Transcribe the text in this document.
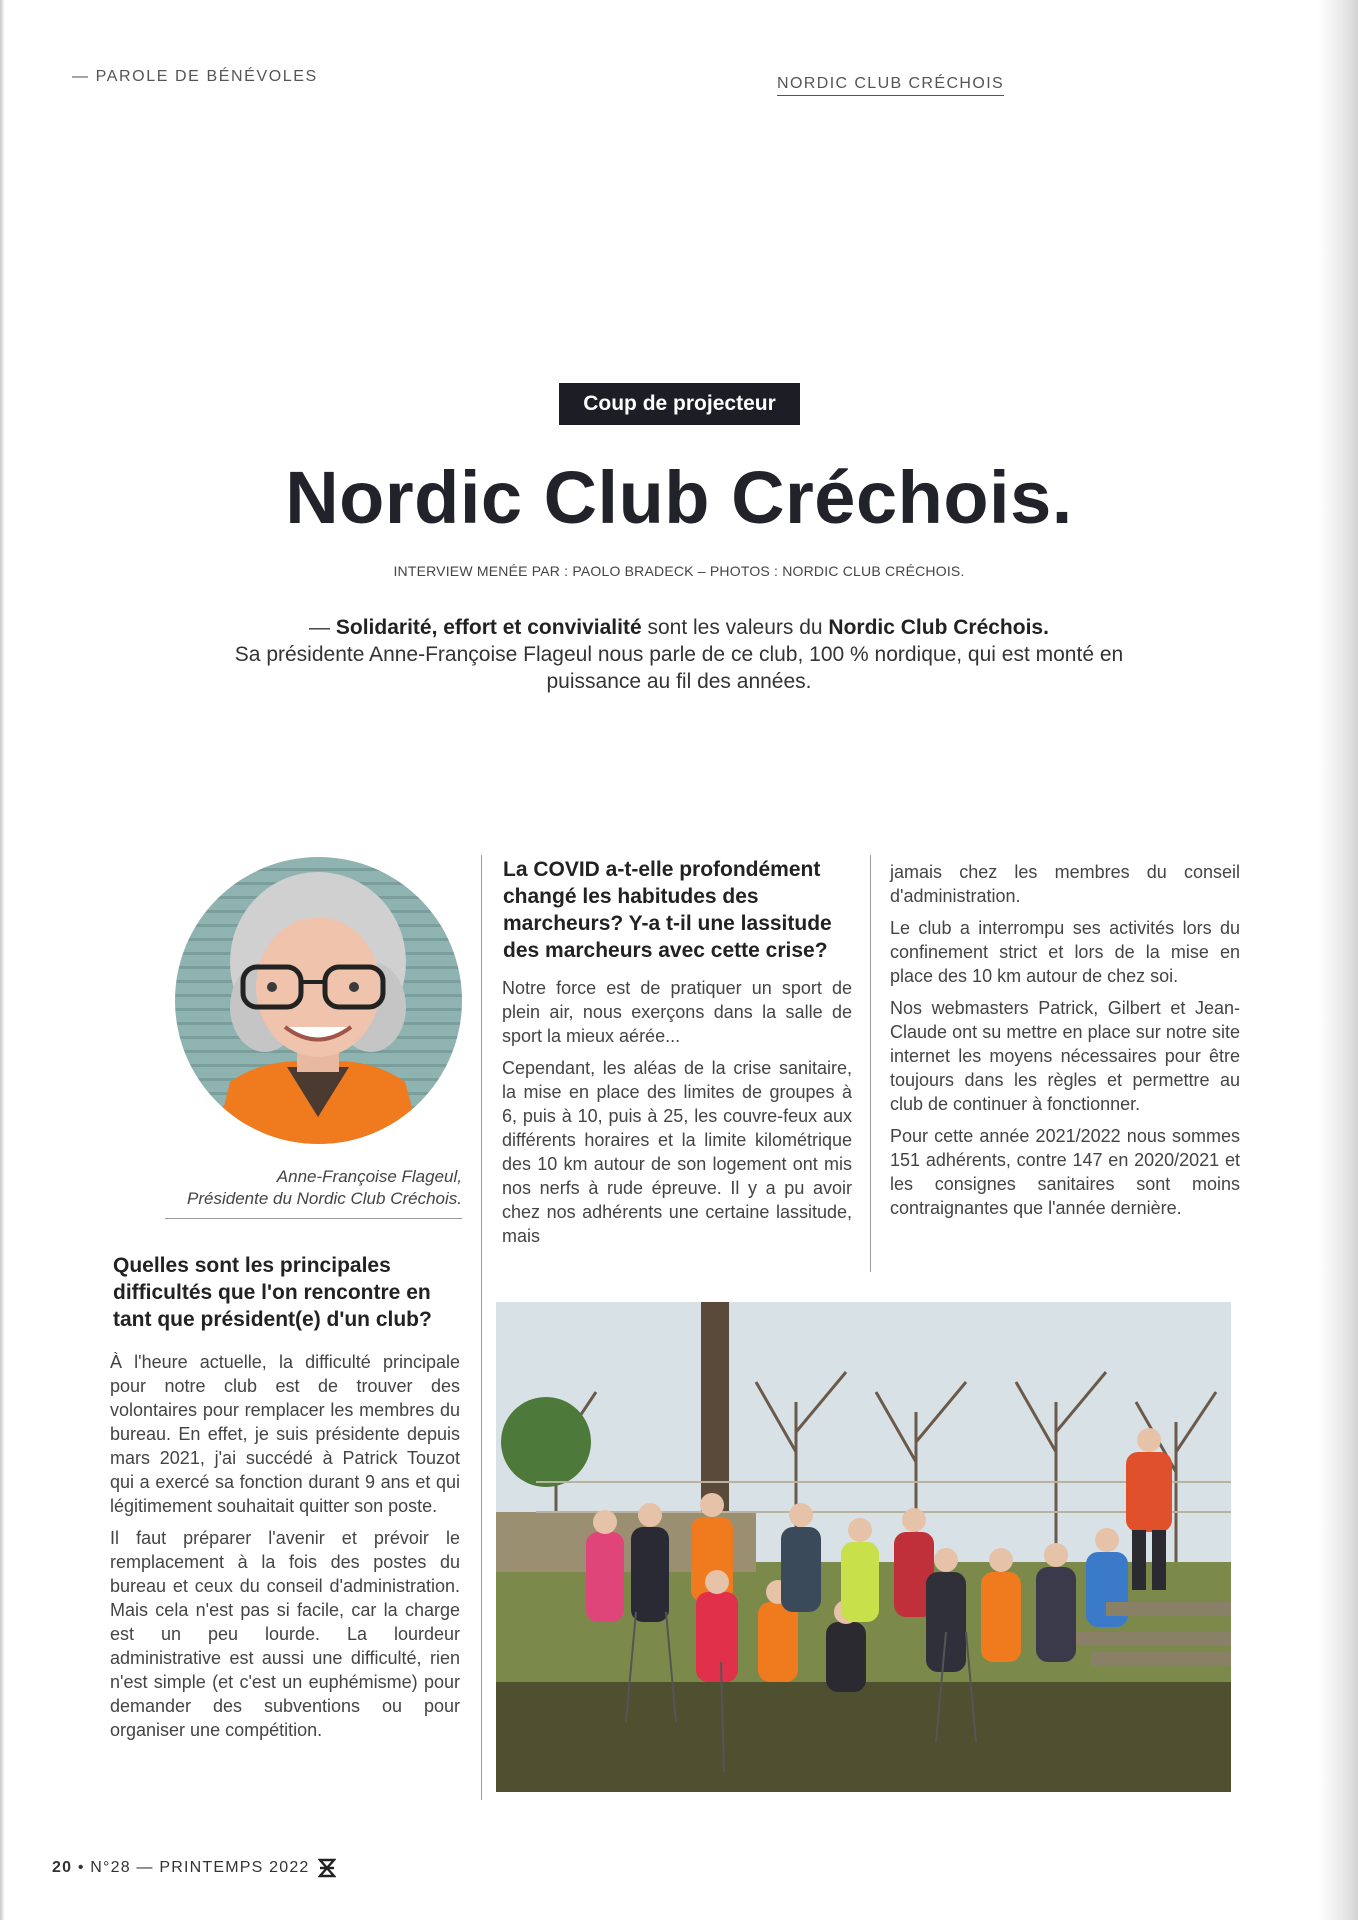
— PAROLE DE BÉNÉVOLES	NORDIC CLUB CRÉCHOIS
Coup de projecteur
Nordic Club Créchois.
INTERVIEW MENÉE PAR : PAOLO BRADECK – PHOTOS : NORDIC CLUB CRÉCHOIS.
— Solidarité, effort et convivialité sont les valeurs du Nordic Club Créchois.
Sa présidente Anne-Françoise Flageul nous parle de ce club, 100 % nordique, qui est monté en puissance au fil des années.
Anne-Françoise Flageul,
Présidente du Nordic Club Créchois.
Quelles sont les principales difficultés que l'on rencontre en tant que président(e) d'un club?

À l'heure actuelle, la difficulté principale pour notre club est de trouver des volontaires pour remplacer les membres du bureau. En effet, je suis présidente depuis mars 2021, j'ai succédé à Patrick Touzot qui a exercé sa fonction durant 9 ans et qui légitimement souhaitait quitter son poste.

Il faut préparer l'avenir et prévoir le remplacement à la fois des postes du bureau et ceux du conseil d'administration. Mais cela n'est pas si facile, car la charge est un peu lourde. La lourdeur administrative est aussi une difficulté, rien n'est simple (et c'est un euphémisme) pour demander des subventions ou pour organiser une compétition.

La COVID a-t-elle profondément changé les habitudes des marcheurs? Y-a t-il une lassitude des marcheurs avec cette crise?

Notre force est de pratiquer un sport de plein air, nous exerçons dans la salle de sport la mieux aérée...

Cependant, les aléas de la crise sanitaire, la mise en place des limites de groupes à 6, puis à 10, puis à 25, les couvre-feux aux différents horaires et la limite kilométrique des 10 km autour de son logement ont mis nos nerfs à rude épreuve. Il y a pu avoir chez nos adhérents une certaine lassitude, mais

jamais chez les membres du conseil d'administration.

Le club a interrompu ses activités lors du confinement strict et lors de la mise en place des 10 km autour de chez soi.

Nos webmasters Patrick, Gilbert et Jean-Claude ont su mettre en place sur notre site internet les moyens nécessaires pour être toujours dans les règles et permettre au club de continuer à fonctionner.

Pour cette année 2021/2022 nous sommes 151 adhérents, contre 147 en 2020/2021 et les consignes sanitaires sont moins contraignantes que l'année dernière.

20 • N°28 — PRINTEMPS 2022
